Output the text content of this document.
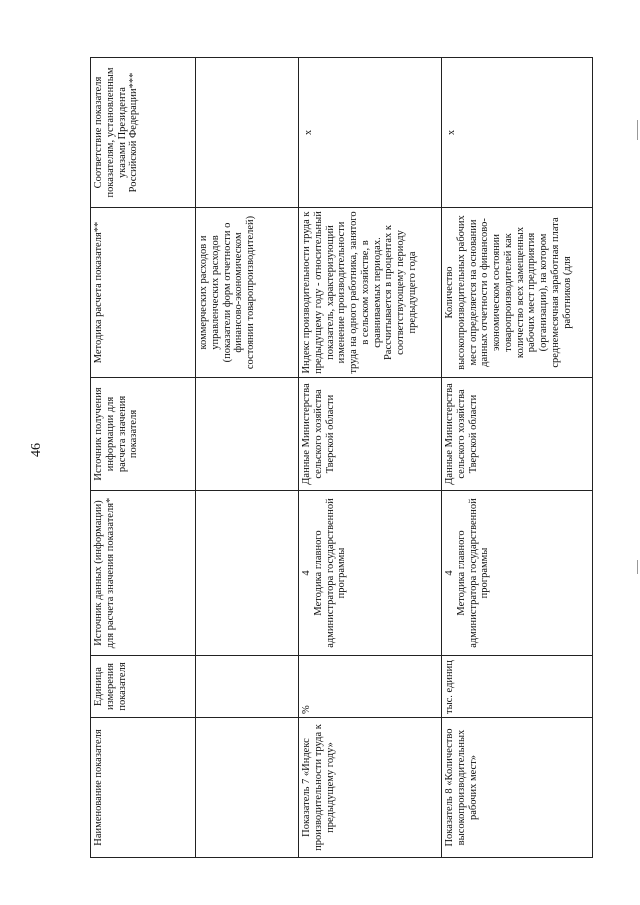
46
Наименование показателя	Единица измерения показателя	Источник данных (информации) для расчета значения показателя*	Источник получения информации для расчета значения показателя	Методика расчета показателя**	Соответствие показателя показателям, установленным указами Президента Российской Федерации***
				коммерческих расходов и управленческих расходов (показатели форм отчетности о финансово-экономическом состоянии товаропроизводителей)	
Показатель 7 «Индекс производительности труда к предыдущему году»	%	4 Методика главного администратора государственной программы	Данные Министерства сельского хозяйства Тверской области	Индекс производительности труда к предыдущему году - относительный показатель, характеризующий изменение производительности труда на одного работника, занятого в сельском хозяйстве, в сравниваемых периодах. Рассчитывается в процентах к соответствующему периоду предыдущего года	x

Показатель 8 «Количество высокопроизводительных рабочих мест»	тыс. единиц	4 Методика главного администратора государственной программы	Данные Министерства сельского хозяйства Тверской области	Количество высокопроизводительных рабочих мест определяется на основании данных отчетности о финансово-экономическом состоянии товаропроизводителей как количество всех замещенных рабочих мест предприятия (организации), на котором среднемесячная заработная плата работников (для	x
